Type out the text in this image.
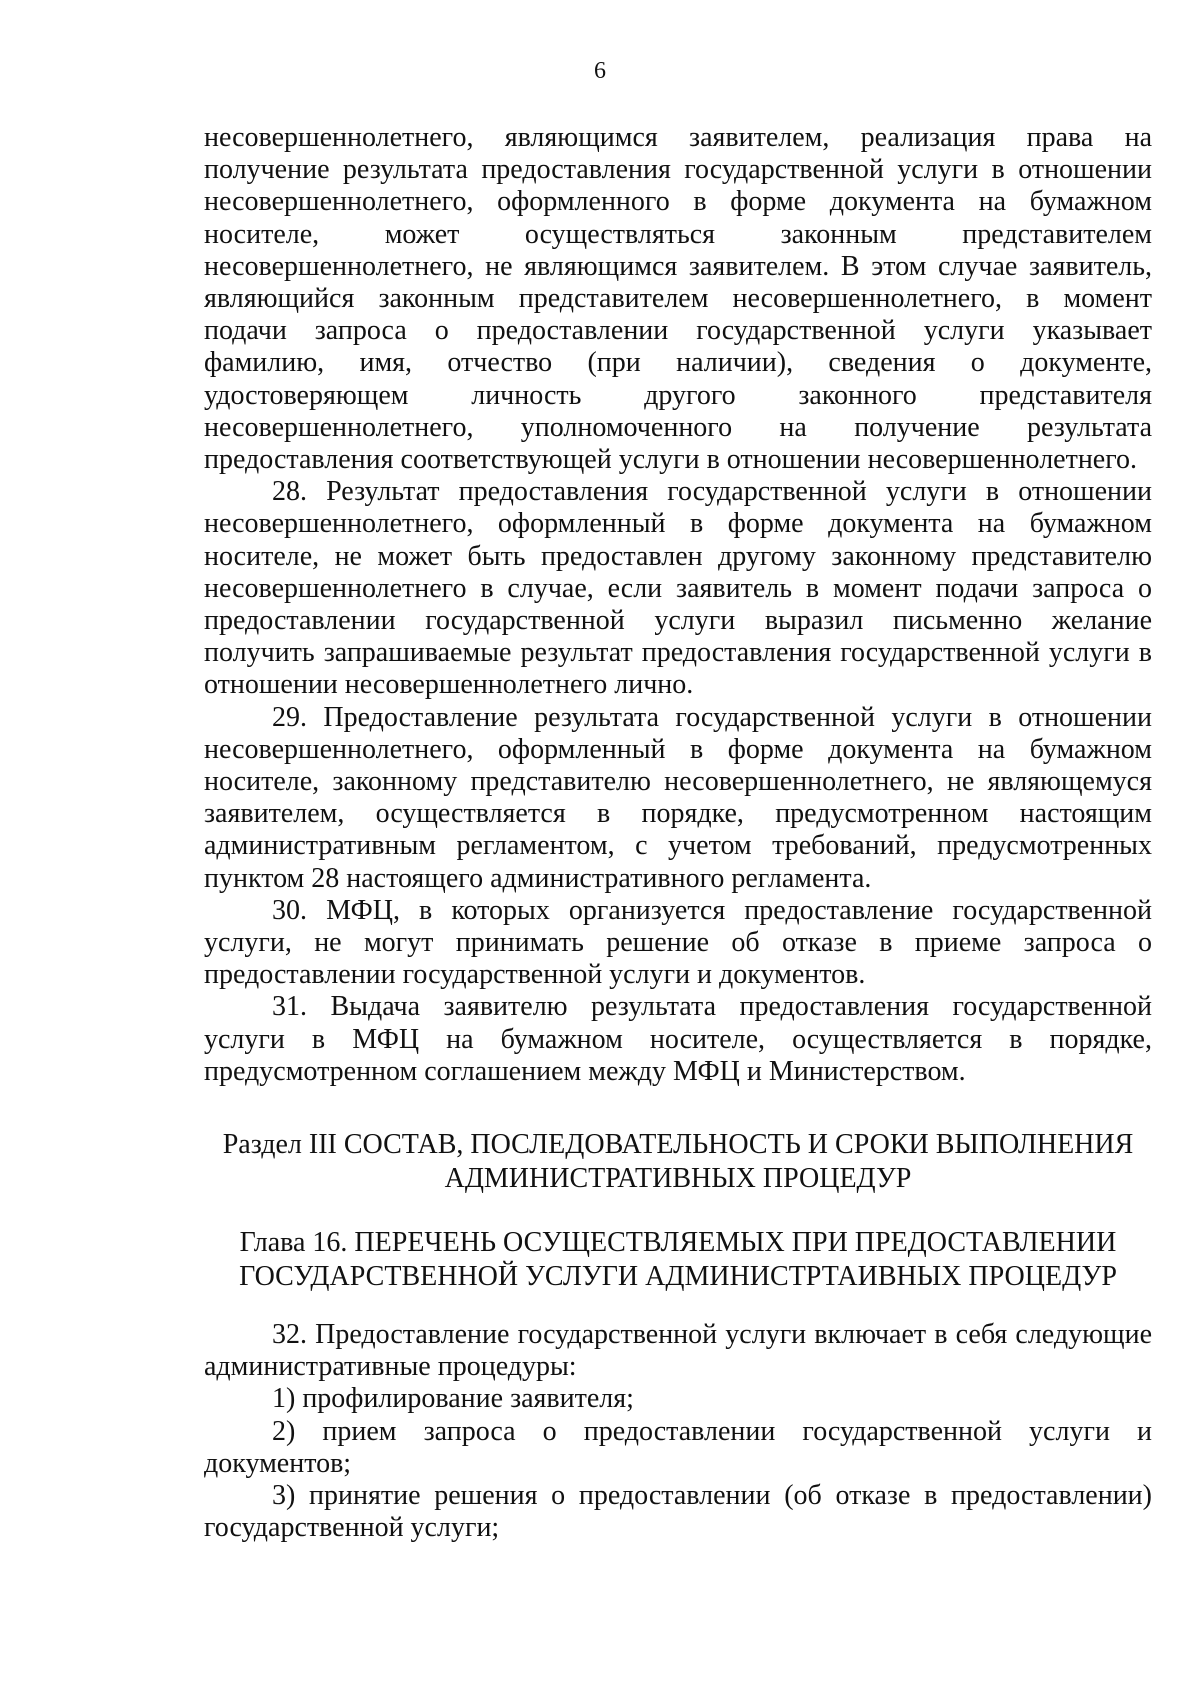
6

несовершеннолетнего, являющимся заявителем, реализация права на получение результата предоставления государственной услуги в отношении несовершеннолетнего, оформленного в форме документа на бумажном носителе, может осуществляться законным представителем несовершеннолетнего, не являющимся заявителем. В этом случае заявитель, являющийся законным представителем несовершеннолетнего, в момент подачи запроса о предоставлении государственной услуги указывает фамилию, имя, отчество (при наличии), сведения о документе, удостоверяющем личность другого законного представителя несовершеннолетнего, уполномоченного на получение результата предоставления соответствующей услуги в отношении несовершеннолетнего.

28. Результат предоставления государственной услуги в отношении несовершеннолетнего, оформленный в форме документа на бумажном носителе, не может быть предоставлен другому законному представителю несовершеннолетнего в случае, если заявитель в момент подачи запроса о предоставлении государственной услуги выразил письменно желание получить запрашиваемые результат предоставления государственной услуги в отношении несовершеннолетнего лично.

29. Предоставление результата государственной услуги в отношении несовершеннолетнего, оформленный в форме документа на бумажном носителе, законному представителю несовершеннолетнего, не являющемуся заявителем, осуществляется в порядке, предусмотренном настоящим административным регламентом, с учетом требований, предусмотренных пунктом 28 настоящего административного регламента.

30. МФЦ, в которых организуется предоставление государственной услуги, не могут принимать решение об отказе в приеме запроса о предоставлении государственной услуги и документов.

31. Выдача заявителю результата предоставления государственной услуги в МФЦ на бумажном носителе, осуществляется в порядке, предусмотренном соглашением между МФЦ и Министерством.

Раздел III СОСТАВ, ПОСЛЕДОВАТЕЛЬНОСТЬ И СРОКИ ВЫПОЛНЕНИЯ
АДМИНИСТРАТИВНЫХ ПРОЦЕДУР
Глава 16. ПЕРЕЧЕНЬ ОСУЩЕСТВЛЯЕМЫХ ПРИ ПРЕДОСТАВЛЕНИИ
ГОСУДАРСТВЕННОЙ УСЛУГИ АДМИНИСТРТАИВНЫХ ПРОЦЕДУР

32. Предоставление государственной услуги включает в себя следующие административные процедуры:

1) профилирование заявителя;

2) прием запроса о предоставлении государственной услуги и документов;

3) принятие решения о предоставлении (об отказе в предоставлении) государственной услуги;
